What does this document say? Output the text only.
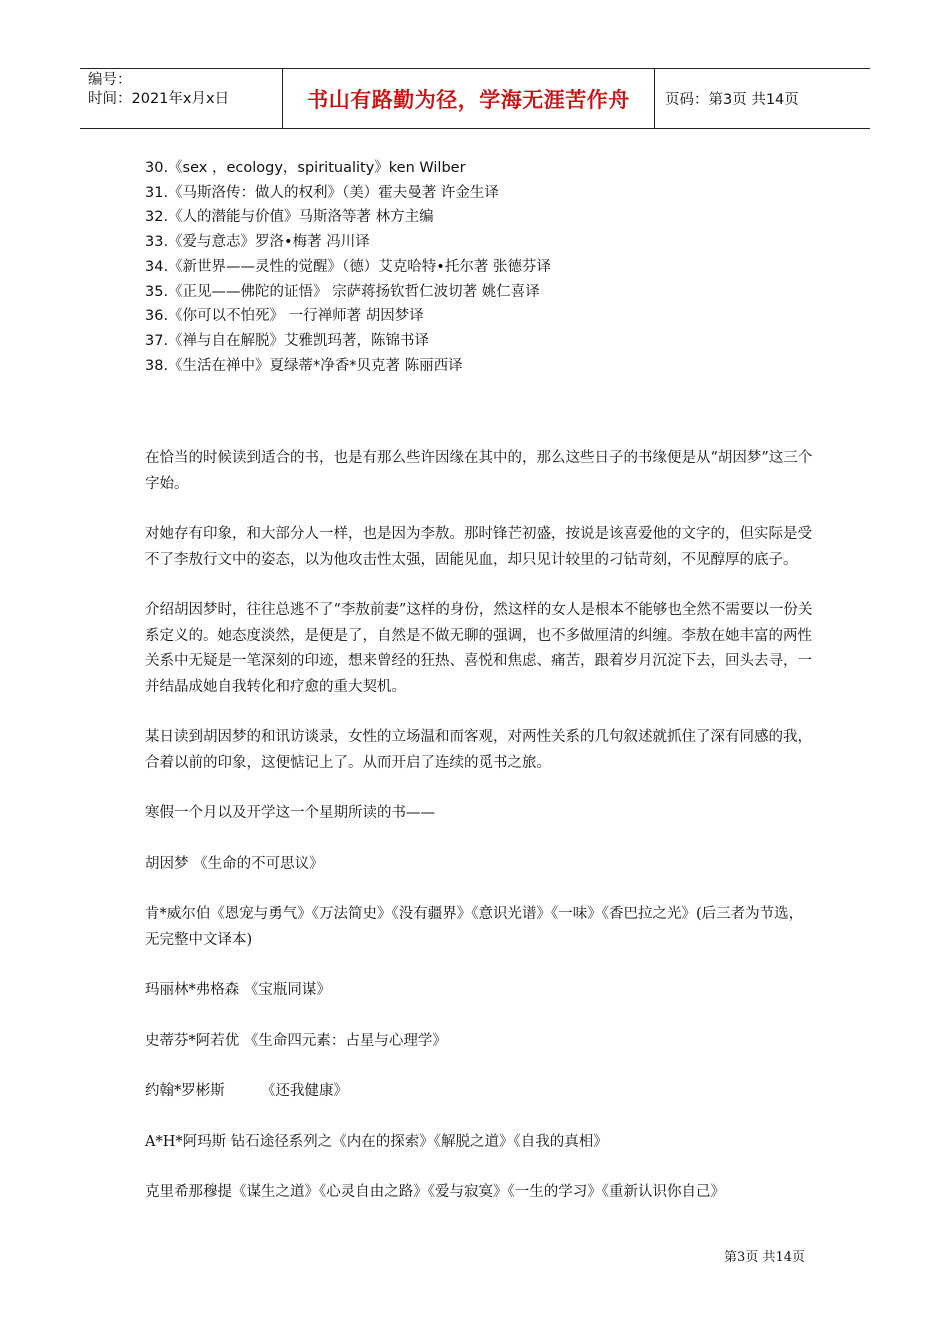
编号：
时间：2021年x月x日	书山有路勤为径，学海无涯苦作舟	页码：第3页 共14页
30.《sex ，ecology，spirituality》ken Wilber
31.《马斯洛传：做人的权利》（美）霍夫曼著 许金生译
32.《人的潜能与价值》马斯洛等著 林方主编
33.《爱与意志》罗洛•梅著 冯川译
34.《新世界——灵性的觉醒》（德）艾克哈特•托尔著 张德芬译
35.《正见——佛陀的证悟》 宗萨蒋扬钦哲仁波切著 姚仁喜译
36.《你可以不怕死》 一行禅师著 胡因梦译
37.《禅与自在解脱》艾雅凯玛著，陈锦书译
38.《生活在禅中》夏绿蒂*净香*贝克著 陈丽西译

在恰当的时候读到适合的书，也是有那么些许因缘在其中的，那么这些日子的书缘便是从“胡因梦”这三个字始。

对她存有印象，和大部分人一样，也是因为李敖。那时锋芒初盛，按说是该喜爱他的文字的，但实际是受不了李敖行文中的姿态，以为他攻击性太强，固能见血，却只见计较里的刁钻苛刻，不见醇厚的底子。

介绍胡因梦时，往往总逃不了“李敖前妻”这样的身份，然这样的女人是根本不能够也全然不需要以一份关系定义的。她态度淡然，是便是了，自然是不做无聊的强调，也不多做厘清的纠缠。李敖在她丰富的两性关系中无疑是一笔深刻的印迹，想来曾经的狂热、喜悦和焦虑、痛苦，跟着岁月沉淀下去，回头去寻，一并结晶成她自我转化和疗愈的重大契机。

某日读到胡因梦的和讯访谈录，女性的立场温和而客观，对两性关系的几句叙述就抓住了深有同感的我，合着以前的印象，这便惦记上了。从而开启了连续的觅书之旅。

寒假一个月以及开学这一个星期所读的书——

胡因梦 《生命的不可思议》

肯*威尔伯《恩宠与勇气》《万法简史》《没有疆界》《意识光谱》《一味》《香巴拉之光》(后三者为节选，无完整中文译本)

玛丽林*弗格森 《宝瓶同谋》

史蒂芬*阿若优 《生命四元素：占星与心理学》

约翰*罗彬斯　　　《还我健康》

A*H*阿玛斯 钻石途径系列之《内在的探索》《解脱之道》《自我的真相》

克里希那穆提《谋生之道》《心灵自由之路》《爱与寂寞》《一生的学习》《重新认识你自己》

第3页 共14页
